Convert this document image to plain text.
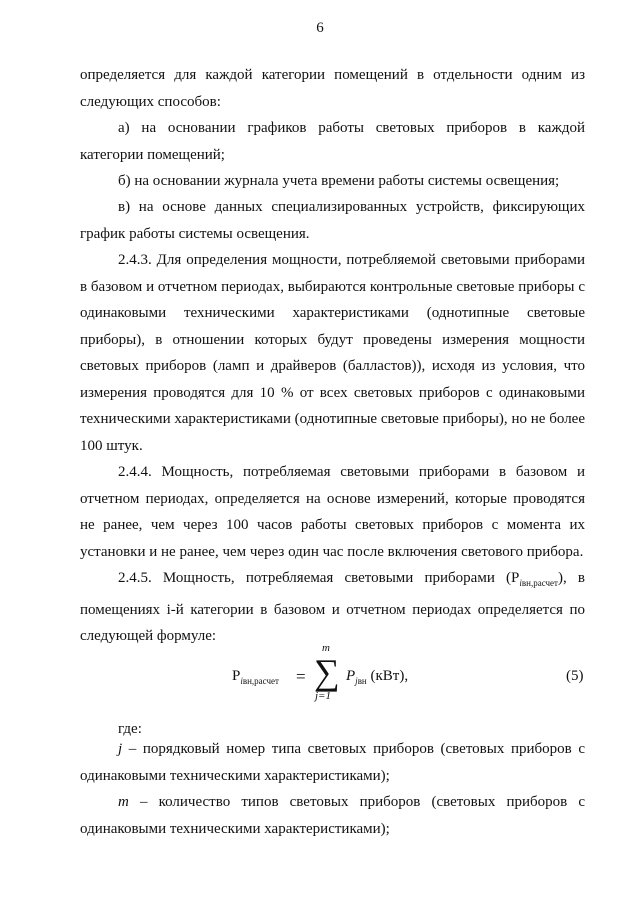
6

определяется для каждой категории помещений в отдельности одним из следующих способов:

а) на основании графиков работы световых приборов в каждой категории помещений;

б) на основании журнала учета времени работы системы освещения;

в) на основе данных специализированных устройств, фиксирующих график работы системы освещения.

2.4.3. Для определения мощности, потребляемой световыми приборами в базовом и отчетном периодах, выбираются контрольные световые приборы с одинаковыми техническими характеристиками (однотипные световые приборы), в отношении которых будут проведены измерения мощности световых приборов (ламп и драйверов (балластов)), исходя из условия, что измерения проводятся для 10 % от всех световых приборов с одинаковыми техническими характеристиками (однотипные световые приборы), но не более 100 штук.

2.4.4. Мощность, потребляемая световыми приборами в базовом и отчетном периодах, определяется на основе измерений, которые проводятся не ранее, чем через 100 часов работы световых приборов с момента их установки и не ранее, чем через один час после включения светового прибора.

2.4.5. Мощность, потребляемая световыми приборами $(P_{iвн,расчет})$, в помещениях i-й категории в базовом и отчетном периодах определяется по следующей формуле:

$P_{iвн,расчет}$ =
m
∑
j=1
$P_{jвн}$ (кВт),	(5)
где:

j – порядковый номер типа световых приборов (световых приборов с одинаковыми техническими характеристиками);

m – количество типов световых приборов (световых приборов с одинаковыми техническими характеристиками);
